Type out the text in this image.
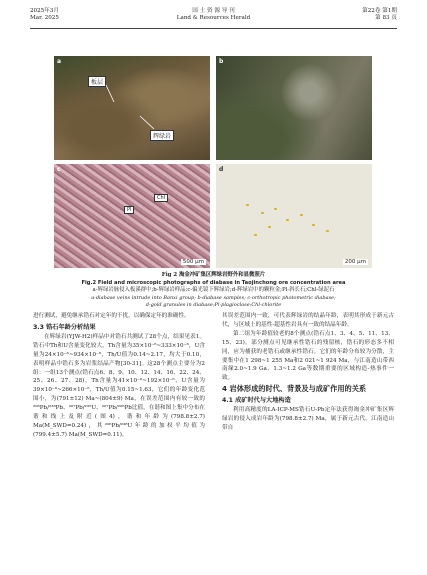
2025年3月
Mar. 2025
国 土 资 源 导 刊
Land & Resources Herald
第22卷 第1期
第 83 页
a
板层
辉绿岩
b
c
Pl
Chl
500 μm
d
200 μm
Fig 2 淘金冲矿集区辉绿岩野外和显微照片
Fig.2 Field and microscopic photographs of diabase in Taojinchong ore concentration area
a-辉绿岩脉侵入板溪群中;b-辉绿岩样品;c-偏光镜下辉绿岩;d-辉绿岩中的颗粒金;Pl-斜长石;Chl-绿泥石
a-diabase veins intrude into Banxi group; b-diabase samples; c-orthotropic photometric diabase;
d-gold granules in diabase;Pl-plagioclase;Chl-chlorite

进行测试，避免继承锆石对定年的干扰，以确保定年的准确性。

3.3 锆石年龄分析结果

在辉绿岩(YJW-H2)样品中对锆石共测试了28个点，结果见表1。锆石中Th和U含量变化较大，Th含量为35×10⁻⁶~333×10⁻⁶，U含量为24×10⁻⁶~934×10⁻⁶，Th/U值为0.14~2.17，均大于0.10，表明样品中锆石多为岩浆结晶产物[30-31]。这28个测点主要分为2组：一组13个测点(锆石点6、8、9、10、12、14、16、22、24、25、26、27、28)，Th含量为41×10⁻⁶~192×10⁻⁶，U含量为39×10⁻⁶~266×10⁻⁶，Th/U值为0.15~1.63，它们的年龄变化范围小，为(791±12) Ma~(804±9) Ma，在误差范围内有较一致的²⁰⁶Pb/²³⁸Pb、²⁰⁷Pb/²³⁵U、²⁰⁷Pb/²⁰⁶Pb比值，在谐和图上集中分布在谐和线上及附近(图4)，谐和年龄为(798.8±2.7) Ma(M_SWD=0.24)，其²⁰⁶Pb/²³⁸U年龄的加权平均值为(799.4±5.7) Ma(M_SWD=0.11)。

其误差范围内一致，可代表辉绿岩的结晶年龄，表明其形成于新元古代，与区域上的基性-超基性岩具有一致的结晶年龄。

第二组为年龄值较老的8个测点(锆石点1、3、4、5、11、13、15、23)，部分测点可见继承性锆石的残留核，锆石的形态多不相同，应为捕获的老锆石或继承性锆石。它们的年龄分布较为分散，主要集中在1 298~1 255 Ma和2 021~1 924 Ma，与江南造山带西南缘2.0~1.9 Ga、1.3~1.2 Ga等数期重要的区域构造-热事件一致。

4 岩体形成的时代、背景及与成矿作用的关系
4.1 成矿时代与大地构造

利用高精度的LA-ICP-MS锆石U-Pb定年法获得淘金冲矿集区辉绿岩的侵入成岩年龄为(798.8±2.7) Ma，属于新元古代。江南造山带自
